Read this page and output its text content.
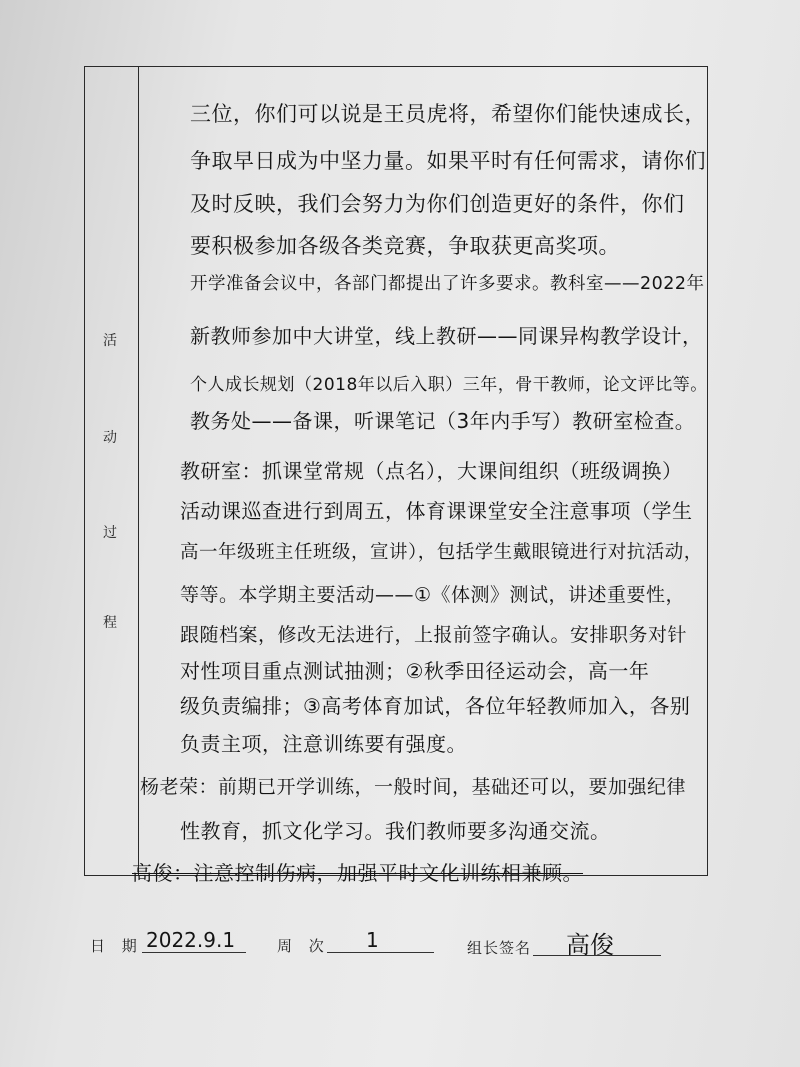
活
动
过
程
三位，你们可以说是王员虎将，希望你们能快速成长，
争取早日成为中坚力量。如果平时有任何需求，请你们
及时反映，我们会努力为你们创造更好的条件，你们
要积极参加各级各类竞赛，争取获更高奖项。
开学准备会议中，各部门都提出了许多要求。教科室——2022年
新教师参加中大讲堂，线上教研——同课异构教学设计，
个人成长规划（2018年以后入职）三年，骨干教师，论文评比等。
教务处——备课，听课笔记（3年内手写）教研室检查。
教研室：抓课堂常规（点名），大课间组织（班级调换）
活动课巡查进行到周五，体育课课堂安全注意事项（学生
高一年级班主任班级，宣讲），包括学生戴眼镜进行对抗活动，
等等。本学期主要活动——①《体测》测试，讲述重要性，
跟随档案，修改无法进行，上报前签字确认。安排职务对针
对性项目重点测试抽测；②秋季田径运动会，高一年
级负责编排；③高考体育加试，各位年轻教师加入，各别
负责主项，注意训练要有强度。
杨老荣：前期已开学训练，一般时间，基础还可以，要加强纪律
性教育，抓文化学习。我们教师要多沟通交流。
高俊：注意控制伤病，加强平时文化训练相兼顾。
日 期 2022.9.1	周 次 1	组长签名 高俊
